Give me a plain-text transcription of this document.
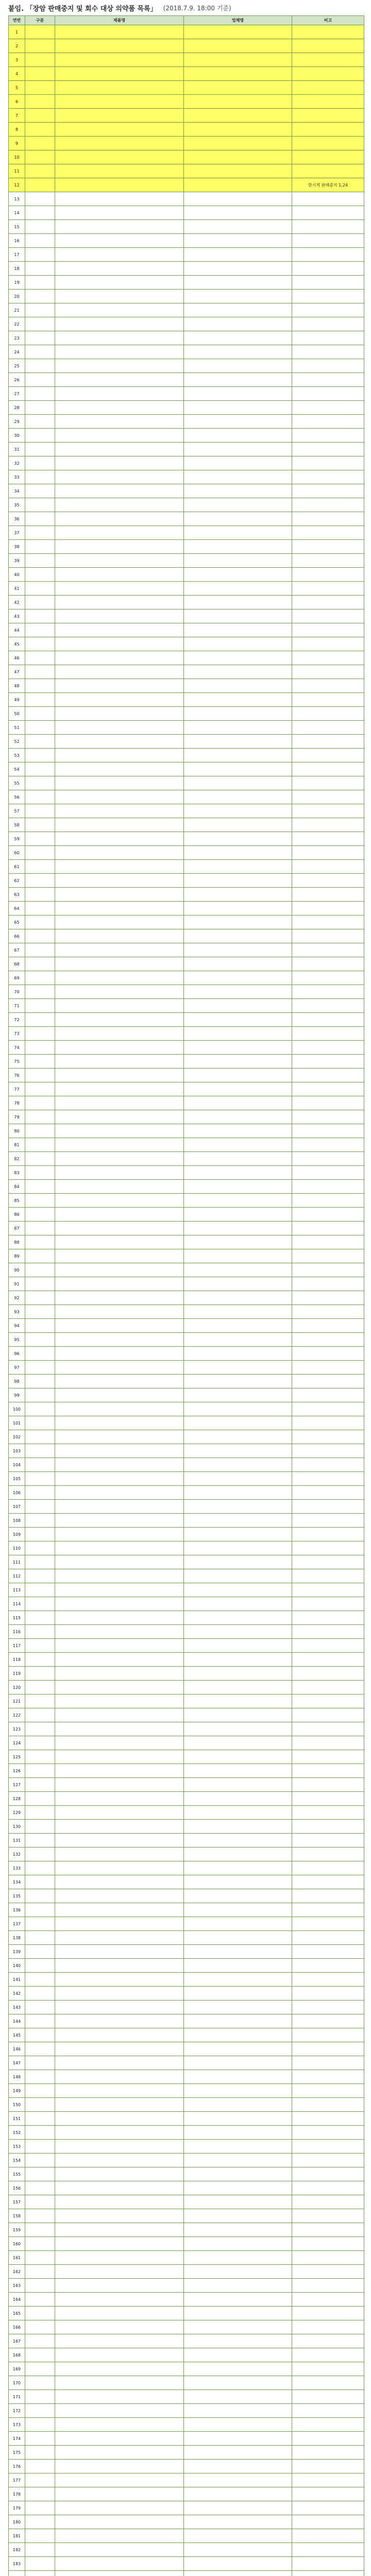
붙임. 「장암 판매중지 및 회수 대상 의약품 목록」 (2018.7.9. 18:00 기준)
연번	구분	제품명	업체명	비고
1				
2				
3				
4				
5				
6				
7				
8				
9				
10				
11				
12				한시적 판매중지 1,24
13				
14				
15				
16				
17				
18				
19				
20				
21				
22				
23				
24				
25				
26				
27				
28				
29				
30				
31				
32				
33				
34				
35				
36				
37				
38				
39				
40				
41				
42				
43				
44				
45				
46				
47				
48				
49				
50				
51				
52				
53				
54				
55				
56				
57				
58				
59				
60				
61				
62				
63				
64				
65				
66				
67				
68				
69				
70				
71				
72				
73				
74				
75				
76				
77				
78				
79				
80				
81				
82				
83				
84				
85				
86				
87				
88				
89				
90				
91				
92				
93				
94				
95				
96				
97				
98				
99				
100				
101				
102				
103				
104				
105				
106				
107				
108				
109				
110				
111				
112				
113				
114				
115				
116				
117				
118				
119				
120				
121				
122				
123				
124				
125				
126				
127				
128				
129				
130				
131				
132				
133				
134				
135				
136				
137				
138				
139				
140				
141				
142				
143				
144				
145				
146				
147				
148				
149				
150				
151				
152				
153				
154				
155				
156				
157				
158				
159				
160				
161				
162				
163				
164				
165				
166				
167				
168				
169				
170				
171				
172				
173				
174				
175				
176				
177				
178				
179				
180				
181				
182				
183				
